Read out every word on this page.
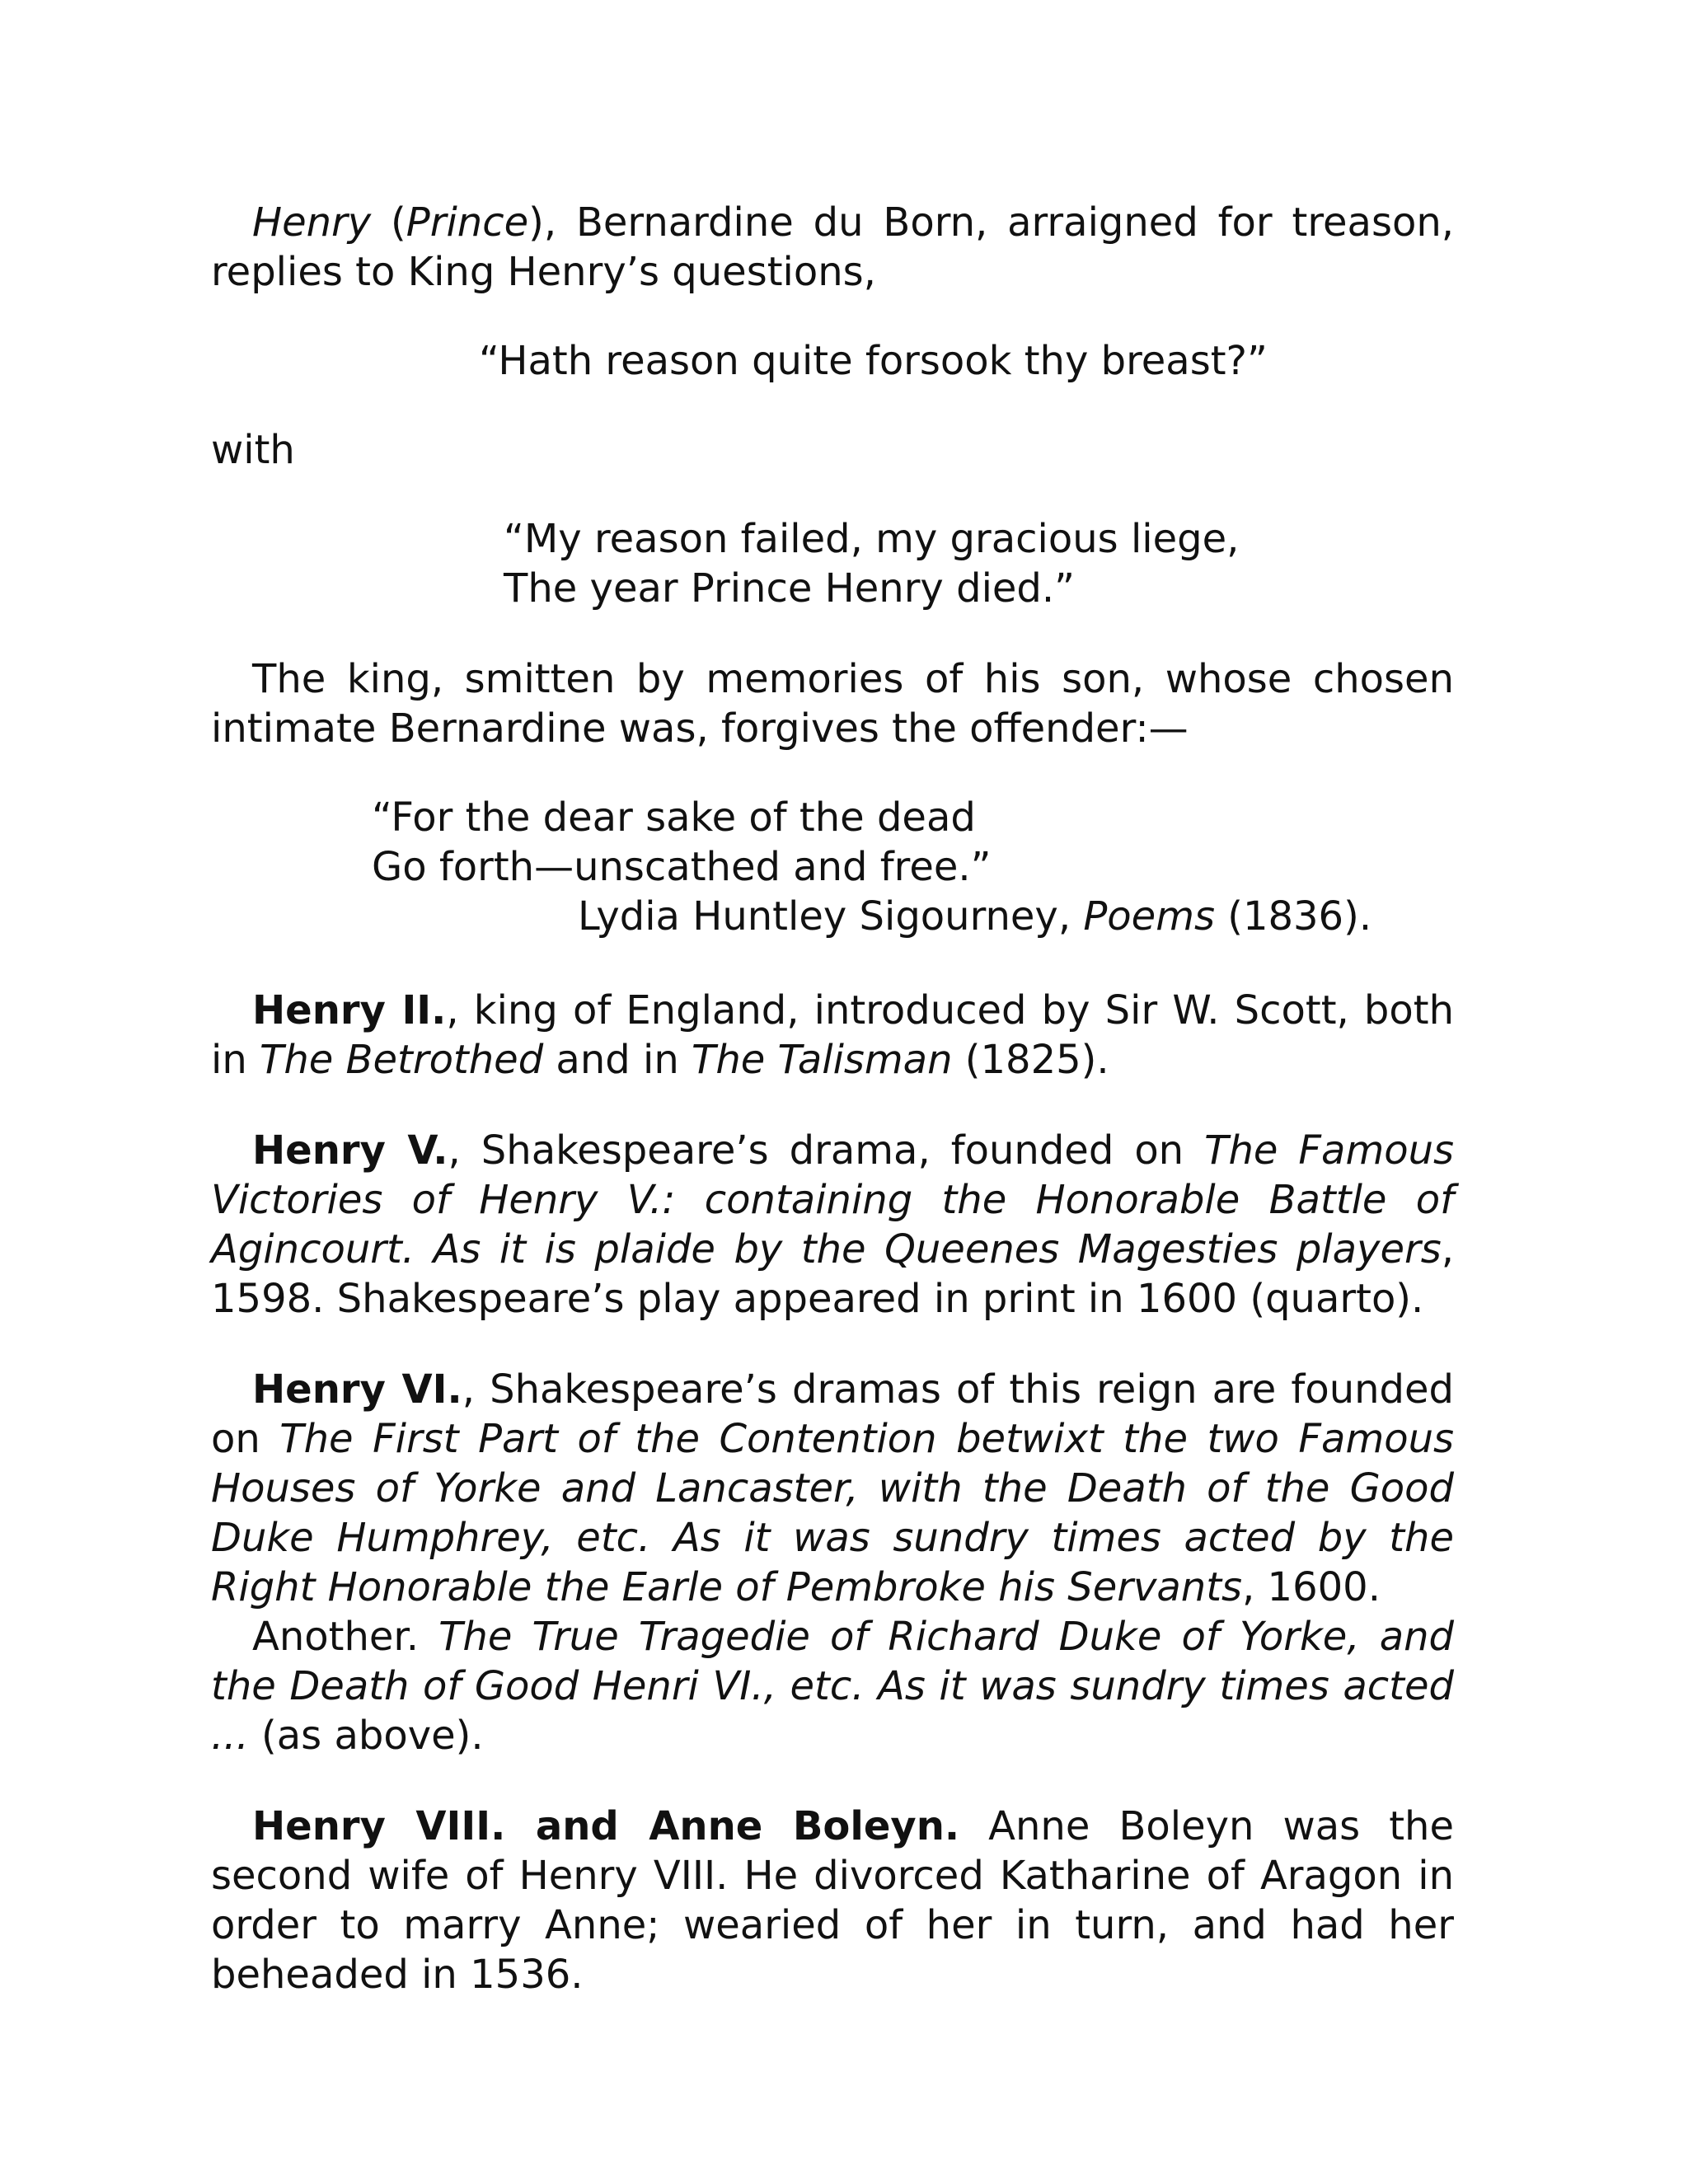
Henry (Prince), Bernardine du Born, arraigned for treason, replies to King Henry’s questions,

“Hath reason quite forsook thy breast?”

with

“My reason failed, my gracious liege,

The year Prince Henry died.”

The king, smitten by memories of his son, whose chosen intimate Bernardine was, forgives the offender:—

“For the dear sake of the dead

Go forth—unscathed and free.”

Lydia Huntley Sigourney, Poems (1836).

Henry II., king of England, introduced by Sir W. Scott, both in The Betrothed and in The Talisman (1825).

Henry V., Shakespeare’s drama, founded on The Famous Victories of Henry V.: containing the Honorable Battle of Agincourt. As it is plaide by the Queenes Magesties players, 1598. Shakespeare’s play appeared in print in 1600 (quarto).

Henry VI., Shakespeare’s dramas of this reign are founded on The First Part of the Contention betwixt the two Famous Houses of Yorke and Lancaster, with the Death of the Good Duke Humphrey, etc. As it was sundry times acted by the Right Honorable the Earle of Pembroke his Servants, 1600.

Another. The True Tragedie of Richard Duke of Yorke, and the Death of Good Henri VI., etc. As it was sundry times acted ... (as above).

Henry VIII. and Anne Boleyn. Anne Boleyn was the second wife of Henry VIII. He divorced Katharine of Aragon in order to marry Anne; wearied of her in turn, and had her beheaded in 1536.
